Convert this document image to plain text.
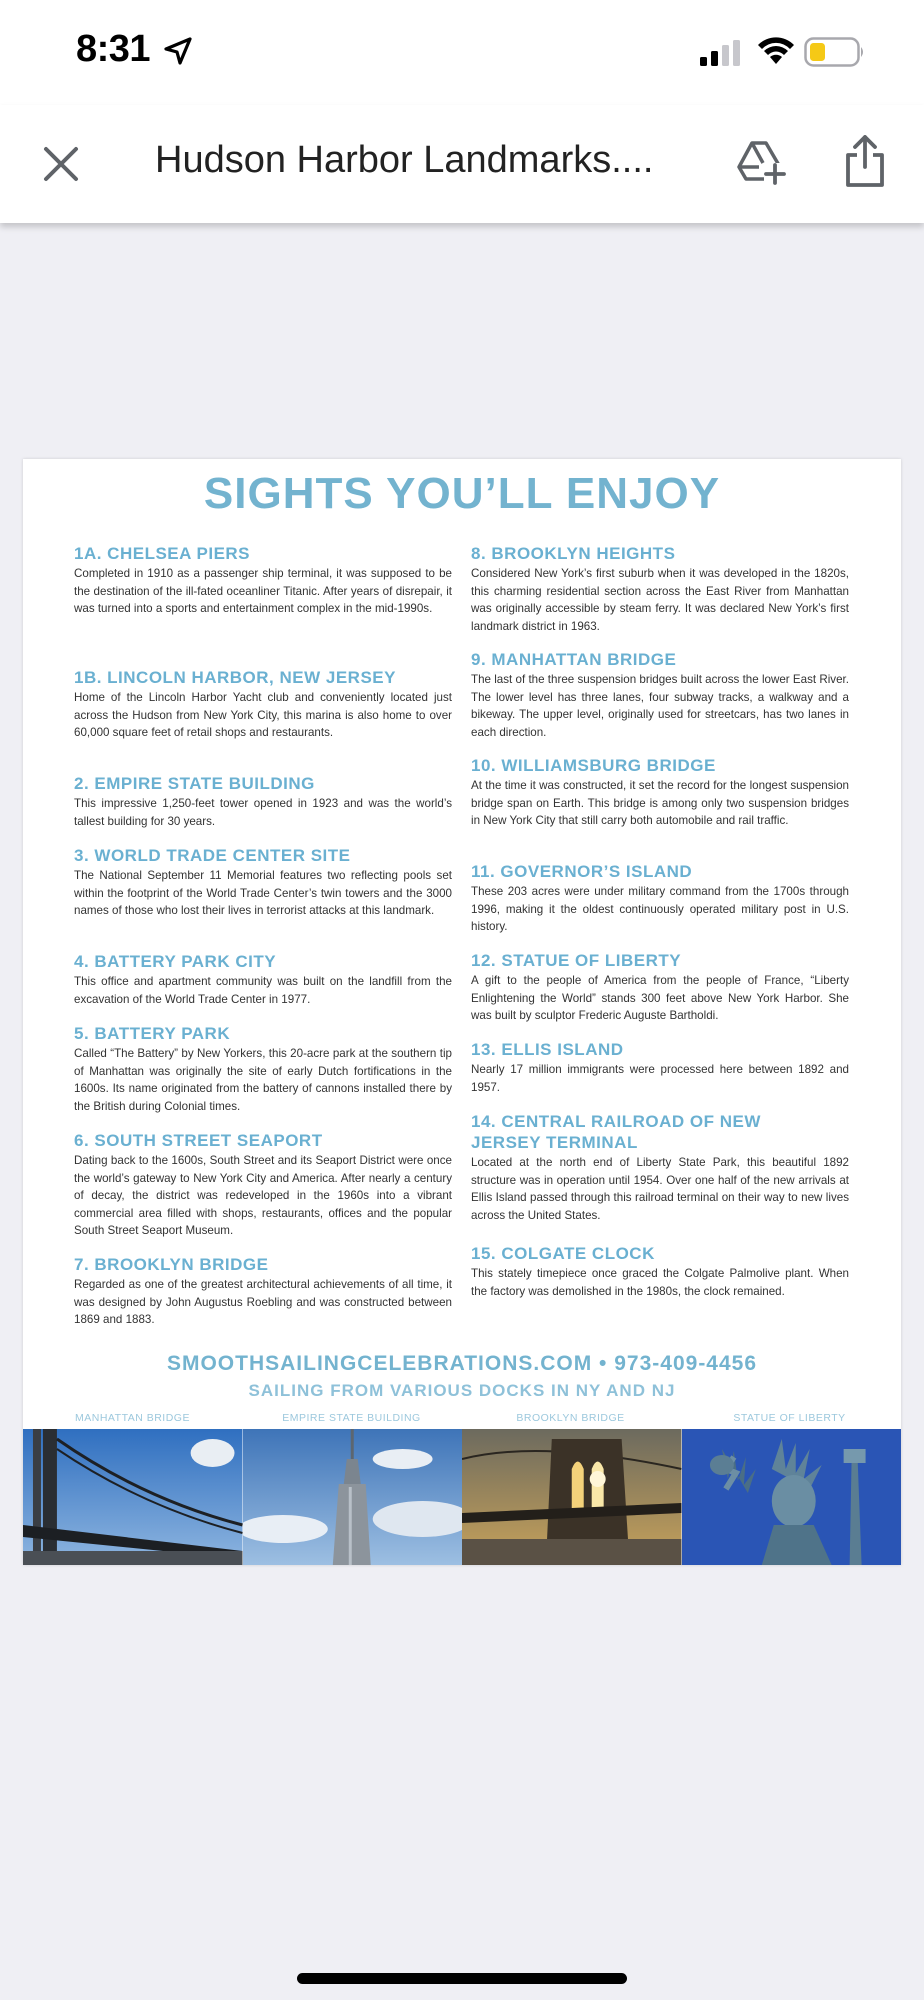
8:31
Hudson Harbor Landmarks....
SIGHTS YOU’LL ENJOY
1A. CHELSEA PIERS
Completed in 1910 as a passenger ship terminal, it was supposed to be the destination of the ill-fated oceanliner Titanic. After years of disrepair, it was turned into a sports and entertainment complex in the mid-1990s.
1B. LINCOLN HARBOR, NEW JERSEY
Home of the Lincoln Harbor Yacht club and conveniently located just across the Hudson from New York City, this marina is also home to over 60,000 square feet of retail shops and restaurants.
2. EMPIRE STATE BUILDING
This impressive 1,250-feet tower opened in 1923 and was the world’s tallest building for 30 years.
3. WORLD TRADE CENTER SITE
The National September 11 Memorial features two reflecting pools set within the footprint of the World Trade Center’s twin towers and the 3000 names of those who lost their lives in terrorist attacks at this landmark.
4. BATTERY PARK CITY
This office and apartment community was built on the landfill from the excavation of the World Trade Center in 1977.
5. BATTERY PARK
Called “The Battery” by New Yorkers, this 20-acre park at the southern tip of Manhattan was originally the site of early Dutch fortifications in the 1600s. Its name originated from the battery of cannons installed there by the British during Colonial times.
6. SOUTH STREET SEAPORT
Dating back to the 1600s, South Street and its Seaport District were once the world’s gateway to New York City and America. After nearly a century of decay, the district was redeveloped in the 1960s into a vibrant commercial area filled with shops, restaurants, offices and the popular South Street Seaport Museum.
7. BROOKLYN BRIDGE
Regarded as one of the greatest architectural achievements of all time, it was designed by John Augustus Roebling and was constructed between 1869 and 1883.
8. BROOKLYN HEIGHTS
Considered New York’s first suburb when it was developed in the 1820s, this charming residential section across the East River from Manhattan was originally accessible by steam ferry. It was declared New York’s first landmark district in 1963.
9. MANHATTAN BRIDGE
The last of the three suspension bridges built across the lower East River. The lower level has three lanes, four subway tracks, a walkway and a bikeway. The upper level, originally used for streetcars, has two lanes in each direction.
10. WILLIAMSBURG BRIDGE
At the time it was constructed, it set the record for the longest suspension bridge span on Earth. This bridge is among only two suspension bridges in New York City that still carry both automobile and rail traffic.
11. GOVERNOR’S ISLAND
These 203 acres were under military command from the 1700s through 1996, making it the oldest continuously operated military post in U.S. history.
12. STATUE OF LIBERTY
A gift to the people of America from the people of France, “Liberty Enlightening the World” stands 300 feet above New York Harbor. She was built by sculptor Frederic Auguste Bartholdi.
13. ELLIS ISLAND
Nearly 17 million immigrants were processed here between 1892 and 1957.
14. CENTRAL RAILROAD OF NEW JERSEY TERMINAL
Located at the north end of Liberty State Park, this beautiful 1892 structure was in operation until 1954. Over one half of the new arrivals at Ellis Island passed through this railroad terminal on their way to new lives across the United States.
15. COLGATE CLOCK
This stately timepiece once graced the Colgate Palmolive plant. When the factory was demolished in the 1980s, the clock remained.
SMOOTHSAILINGCELEBRATIONS.COM • 973-409-4456
SAILING FROM VARIOUS DOCKS IN NY AND NJ
MANHATTAN BRIDGE	EMPIRE STATE BUILDING	BROOKLYN BRIDGE	STATUE OF LIBERTY
